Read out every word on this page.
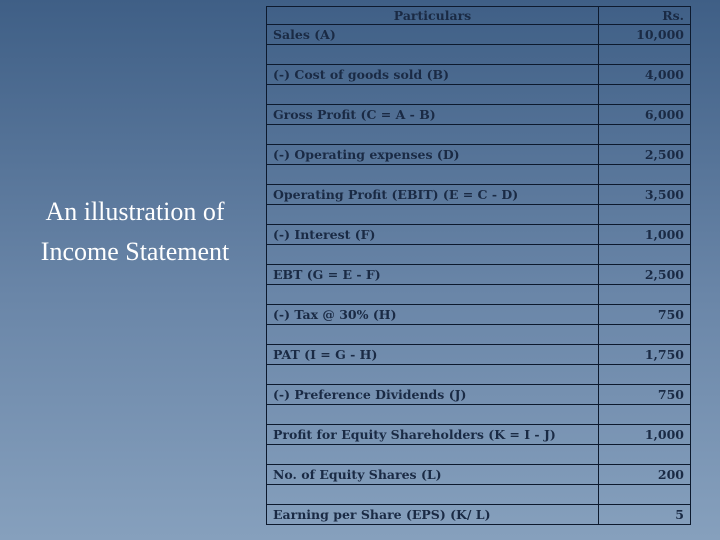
An illustration of
Income Statement
Particulars	Rs.
Sales (A)	10,000

(-) Cost of goods sold (B)	4,000

Gross Profit (C = A - B)	6,000

(-) Operating expenses (D)	2,500

Operating Profit (EBIT) (E = C - D)	3,500

(-) Interest (F)	1,000

EBT (G = E - F)	2,500

(-) Tax @ 30% (H)	750

PAT (I = G - H)	1,750

(-) Preference Dividends (J)	750

Profit for Equity Shareholders (K = I - J)	1,000

No. of Equity Shares (L)	200

Earning per Share (EPS) (K/ L)	5
